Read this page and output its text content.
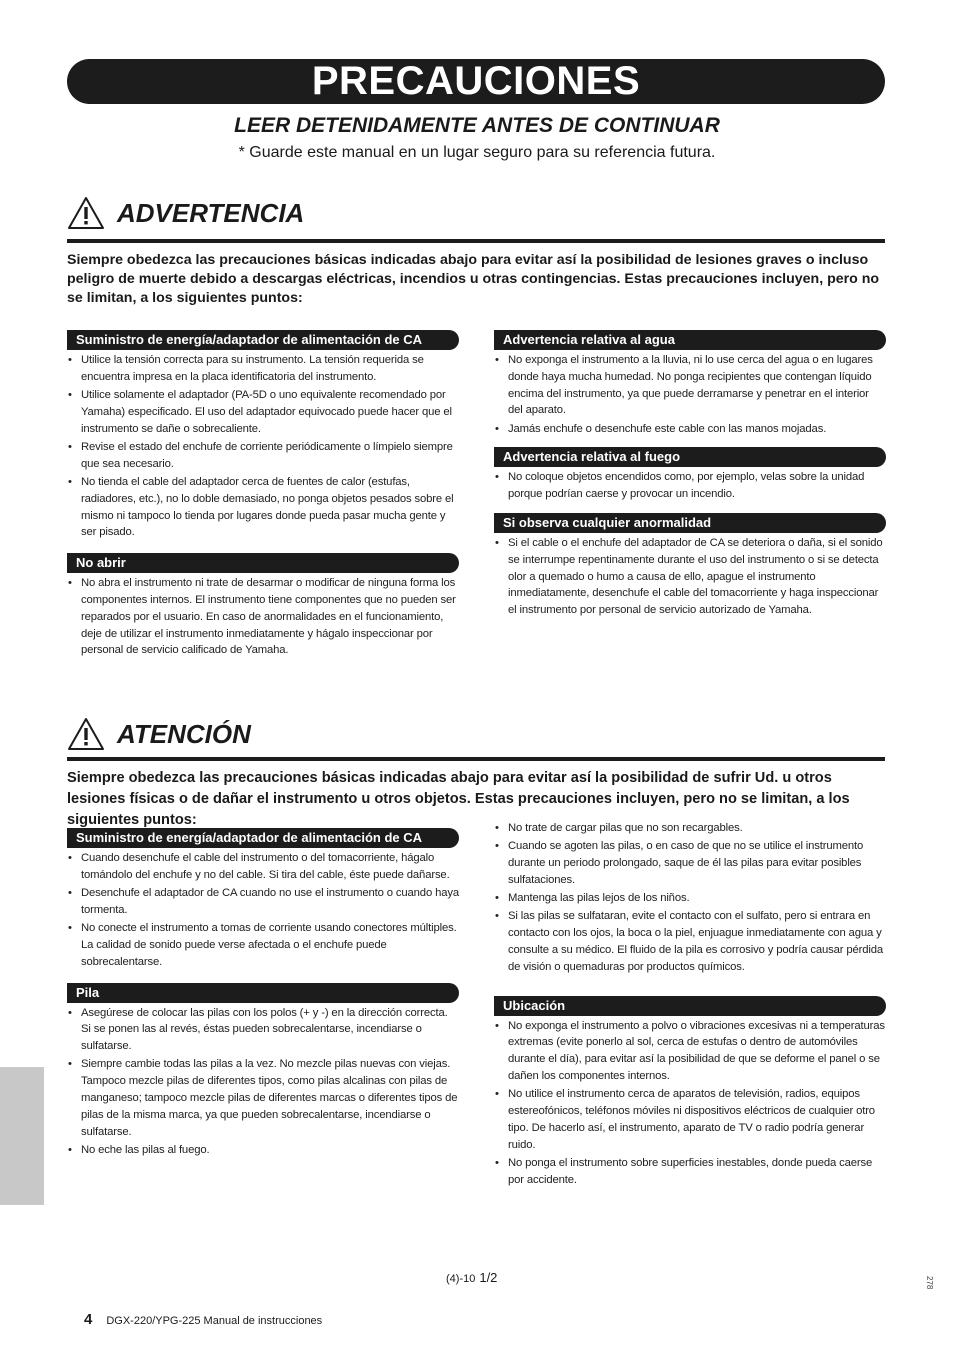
PRECAUCIONES
LEER DETENIDAMENTE ANTES DE CONTINUAR
* Guarde este manual en un lugar seguro para su referencia futura.
ADVERTENCIA
Siempre obedezca las precauciones básicas indicadas abajo para evitar así la posibilidad de lesiones graves o incluso peligro de muerte debido a descargas eléctricas, incendios u otras contingencias. Estas precauciones incluyen, pero no se limitan, a los siguientes puntos:
Suministro de energía/adaptador de alimentación de CA
• Utilice la tensión correcta para su instrumento. La tensión requerida se encuentra impresa en la placa identificatoria del instrumento.
• Utilice solamente el adaptador (PA-5D o uno equivalente recomendado por Yamaha) especificado. El uso del adaptador equivocado puede hacer que el instrumento se dañe o sobrecaliente.
• Revise el estado del enchufe de corriente periódicamente o límpielo siempre que sea necesario.
• No tienda el cable del adaptador cerca de fuentes de calor (estufas, radiadores, etc.), no lo doble demasiado, no ponga objetos pesados sobre el mismo ni tampoco lo tienda por lugares donde pueda pasar mucha gente y ser pisado.
No abrir
• No abra el instrumento ni trate de desarmar o modificar de ninguna forma los componentes internos. El instrumento tiene componentes que no pueden ser reparados por el usuario. En caso de anormalidades en el funcionamiento, deje de utilizar el instrumento inmediatamente y hágalo inspeccionar por personal de servicio calificado de Yamaha.
Advertencia relativa al agua
• No exponga el instrumento a la lluvia, ni lo use cerca del agua o en lugares donde haya mucha humedad. No ponga recipientes que contengan líquido encima del instrumento, ya que puede derramarse y penetrar en el interior del aparato.
• Jamás enchufe o desenchufe este cable con las manos mojadas.
Advertencia relativa al fuego
• No coloque objetos encendidos como, por ejemplo, velas sobre la unidad porque podrían caerse y provocar un incendio.
Si observa cualquier anormalidad
• Si el cable o el enchufe del adaptador de CA se deteriora o daña, si el sonido se interrumpe repentinamente durante el uso del instrumento o si se detecta olor a quemado o humo a causa de ello, apague el instrumento inmediatamente, desenchufe el cable del tomacorriente y haga inspeccionar el instrumento por personal de servicio autorizado de Yamaha.
ATENCIÓN
Siempre obedezca las precauciones básicas indicadas abajo para evitar así la posibilidad de sufrir Ud. u otros lesiones físicas o de dañar el instrumento u otros objetos. Estas precauciones incluyen, pero no se limitan, a los siguientes puntos:
Suministro de energía/adaptador de alimentación de CA
• Cuando desenchufe el cable del instrumento o del tomacorriente, hágalo tomándolo del enchufe y no del cable. Si tira del cable, éste puede dañarse.
• Desenchufe el adaptador de CA cuando no use el instrumento o cuando haya tormenta.
• No conecte el instrumento a tomas de corriente usando conectores múltiples. La calidad de sonido puede verse afectada o el enchufe puede sobrecalentarse.
Pila
• Asegúrese de colocar las pilas con los polos (+ y -) en la dirección correcta. Si se ponen las al revés, éstas pueden sobrecalentarse, incendiarse o sulfatarse.
• Siempre cambie todas las pilas a la vez. No mezcle pilas nuevas con viejas. Tampoco mezcle pilas de diferentes tipos, como pilas alcalinas con pilas de manganeso; tampoco mezcle pilas de diferentes marcas o diferentes tipos de pilas de la misma marca, ya que pueden sobrecalentarse, incendiarse o sulfatarse.
• No eche las pilas al fuego.
• No trate de cargar pilas que no son recargables.
• Cuando se agoten las pilas, o en caso de que no se utilice el instrumento durante un periodo prolongado, saque de él las pilas para evitar posibles sulfataciones.
• Mantenga las pilas lejos de los niños.
• Si las pilas se sulfataran, evite el contacto con el sulfato, pero si entrara en contacto con los ojos, la boca o la piel, enjuague inmediatamente con agua y consulte a su médico. El fluido de la pila es corrosivo y podría causar pérdida de visión o quemaduras por productos químicos.
Ubicación
• No exponga el instrumento a polvo o vibraciones excesivas ni a temperaturas extremas (evite ponerlo al sol, cerca de estufas o dentro de automóviles durante el día), para evitar así la posibilidad de que se deforme el panel o se dañen los componentes internos.
• No utilice el instrumento cerca de aparatos de televisión, radios, equipos estereofónicos, teléfonos móviles ni dispositivos eléctricos de cualquier otro tipo. De hacerlo así, el instrumento, aparato de TV o radio podría generar ruido.
• No ponga el instrumento sobre superficies inestables, donde pueda caerse por accidente.
(4)-10 1/2	278
4 DGX-220/YPG-225 Manual de instrucciones
